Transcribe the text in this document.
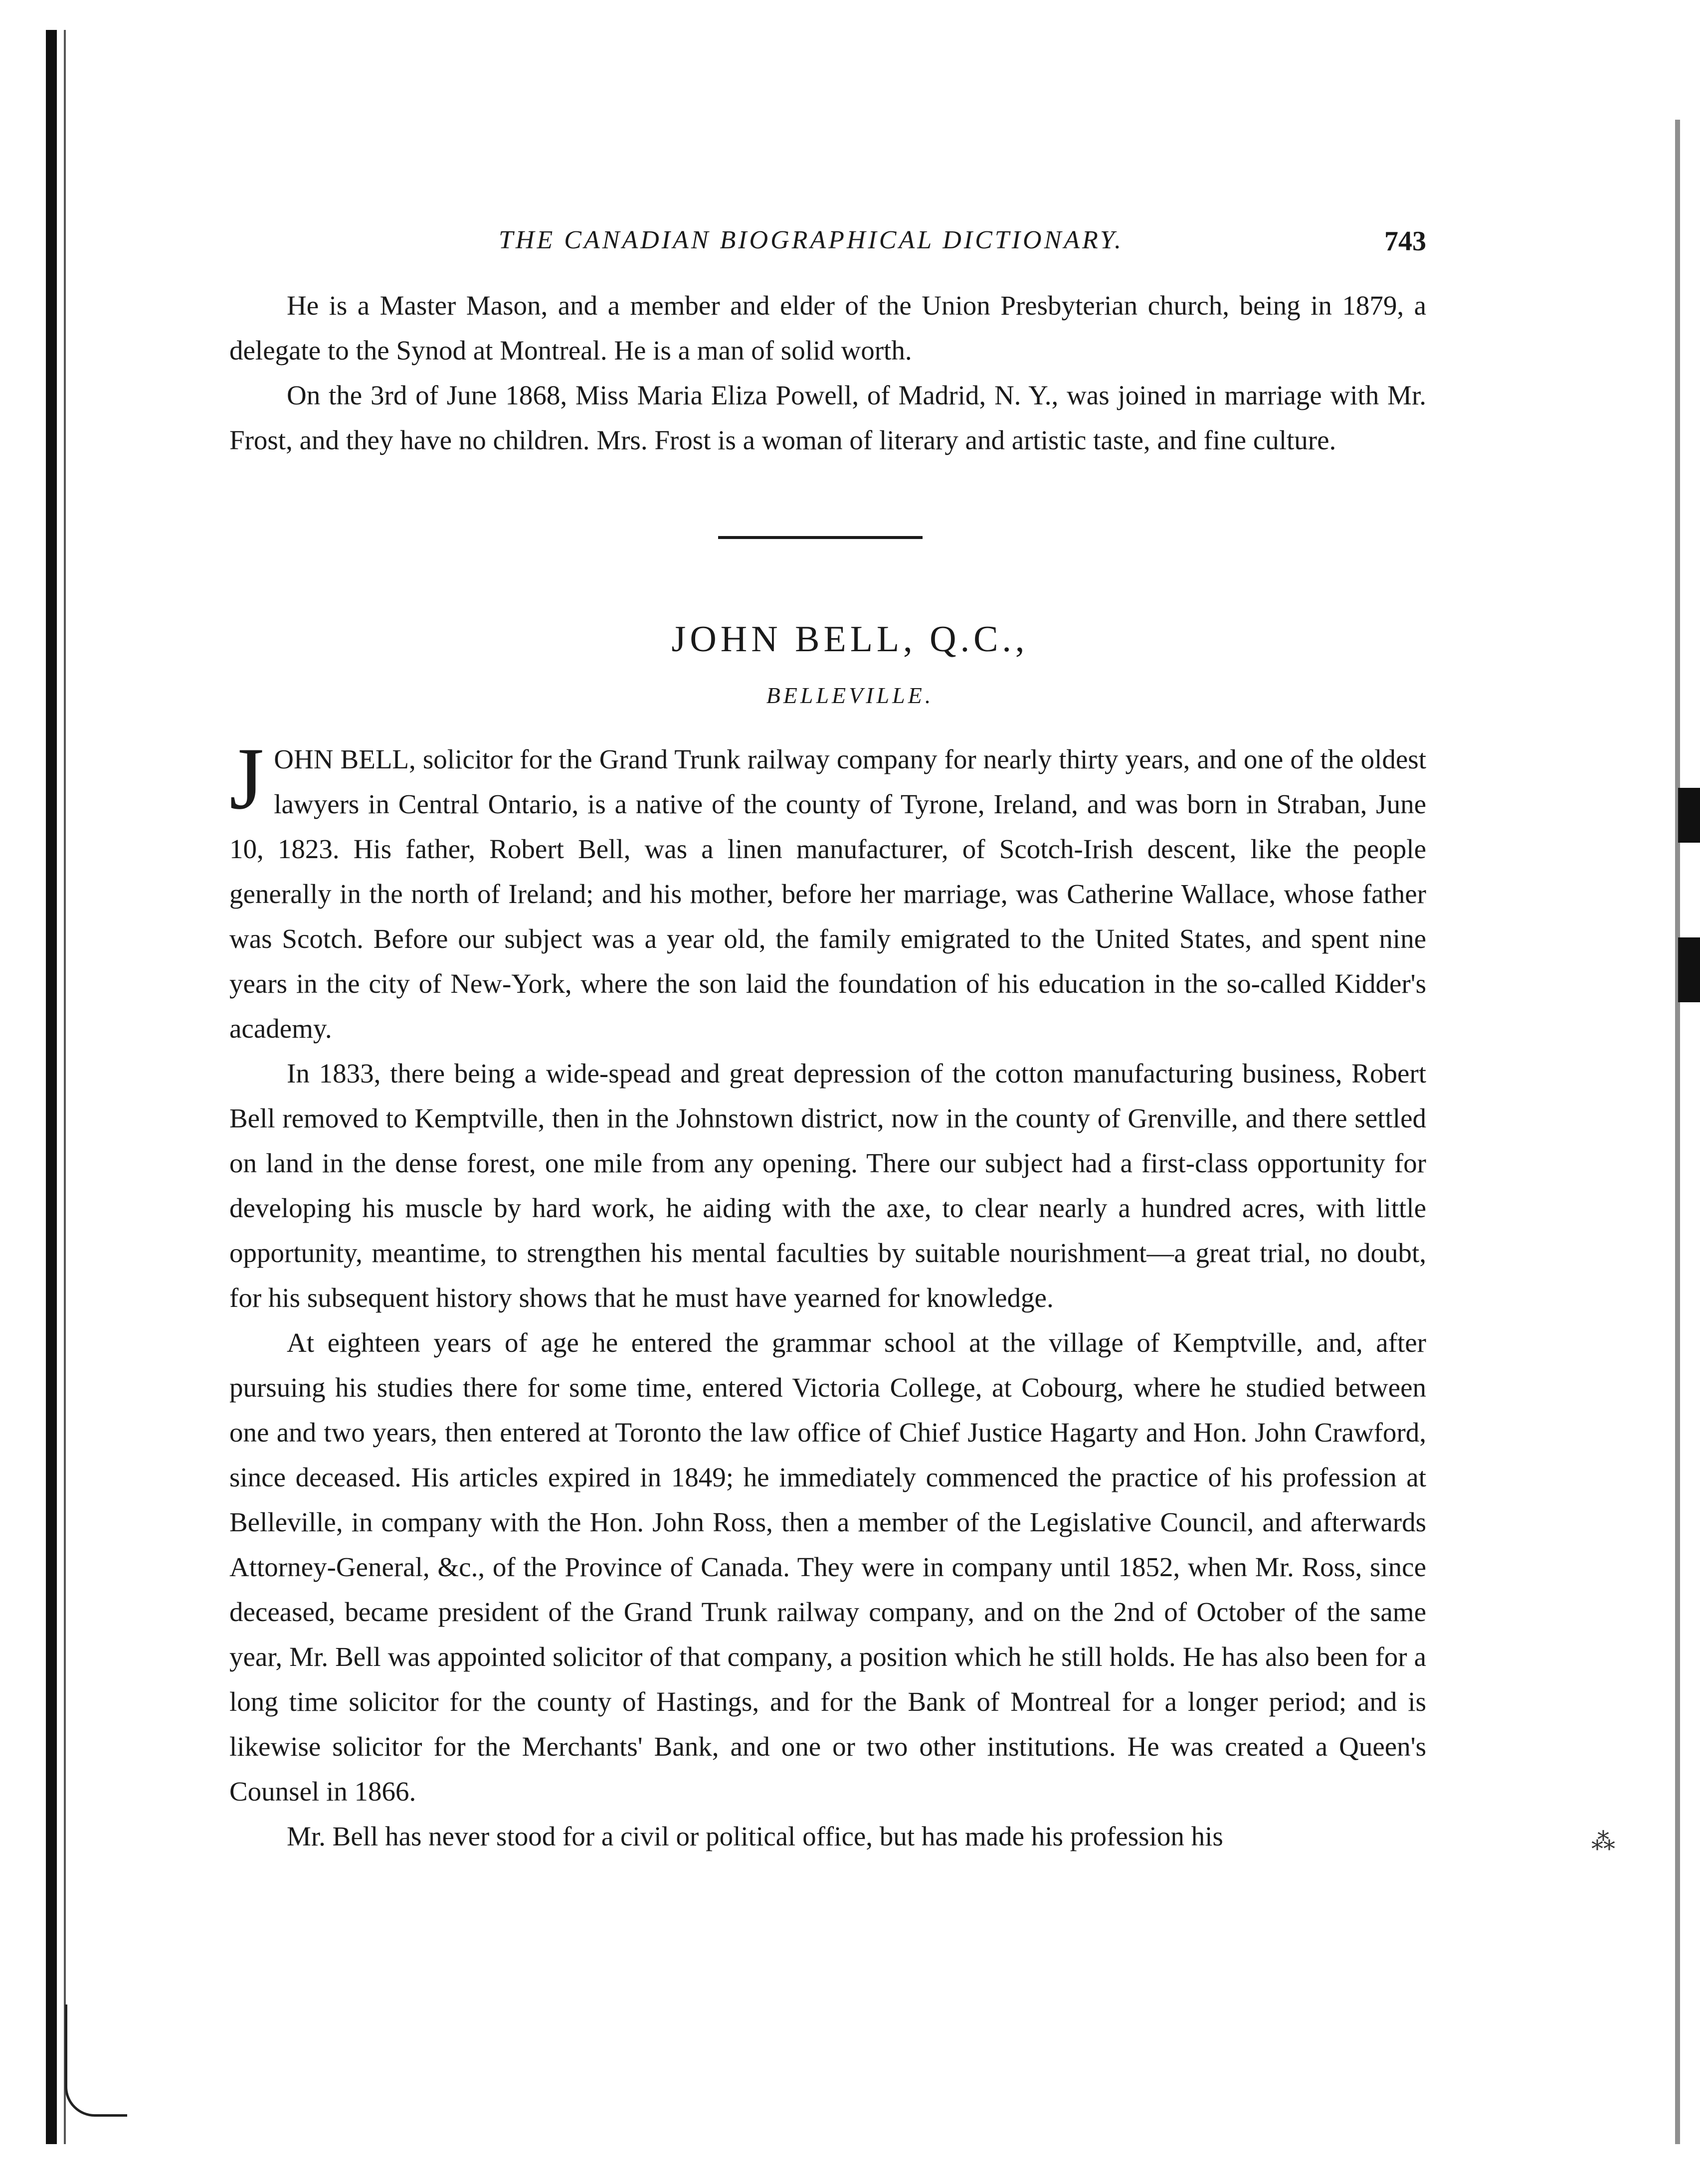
⁂
THE CANADIAN BIOGRAPHICAL DICTIONARY.	743

He is a Master Mason, and a member and elder of the Union Presbyterian church, being in 1879, a delegate to the Synod at Montreal. He is a man of solid worth.

On the 3rd of June 1868, Miss Maria Eliza Powell, of Madrid, N. Y., was joined in marriage with Mr. Frost, and they have no children. Mrs. Frost is a woman of literary and artistic taste, and fine culture.

JOHN BELL, Q.C.,
BELLEVILLE.

JOHN BELL, solicitor for the Grand Trunk railway company for nearly thirty years, and one of the oldest lawyers in Central Ontario, is a native of the county of Tyrone, Ireland, and was born in Straban, June 10, 1823. His father, Robert Bell, was a linen manufacturer, of Scotch-Irish descent, like the people generally in the north of Ireland; and his mother, before her marriage, was Catherine Wallace, whose father was Scotch. Before our subject was a year old, the family emigrated to the United States, and spent nine years in the city of New-York, where the son laid the foundation of his education in the so-called Kidder's academy.

In 1833, there being a wide-spead and great depression of the cotton manufacturing business, Robert Bell removed to Kemptville, then in the Johnstown district, now in the county of Grenville, and there settled on land in the dense forest, one mile from any opening. There our subject had a first-class opportunity for developing his muscle by hard work, he aiding with the axe, to clear nearly a hundred acres, with little opportunity, meantime, to strengthen his mental faculties by suitable nourishment—a great trial, no doubt, for his subsequent history shows that he must have yearned for knowledge.

At eighteen years of age he entered the grammar school at the village of Kemptville, and, after pursuing his studies there for some time, entered Victoria College, at Cobourg, where he studied between one and two years, then entered at Toronto the law office of Chief Justice Hagarty and Hon. John Crawford, since deceased. His articles expired in 1849; he immediately commenced the practice of his profession at Belleville, in company with the Hon. John Ross, then a member of the Legislative Council, and afterwards Attorney-General, &c., of the Province of Canada. They were in company until 1852, when Mr. Ross, since deceased, became president of the Grand Trunk railway company, and on the 2nd of October of the same year, Mr. Bell was appointed solicitor of that company, a position which he still holds. He has also been for a long time solicitor for the county of Hastings, and for the Bank of Montreal for a longer period; and is likewise solicitor for the Merchants' Bank, and one or two other institutions. He was created a Queen's Counsel in 1866.

Mr. Bell has never stood for a civil or political office, but has made his profession his
